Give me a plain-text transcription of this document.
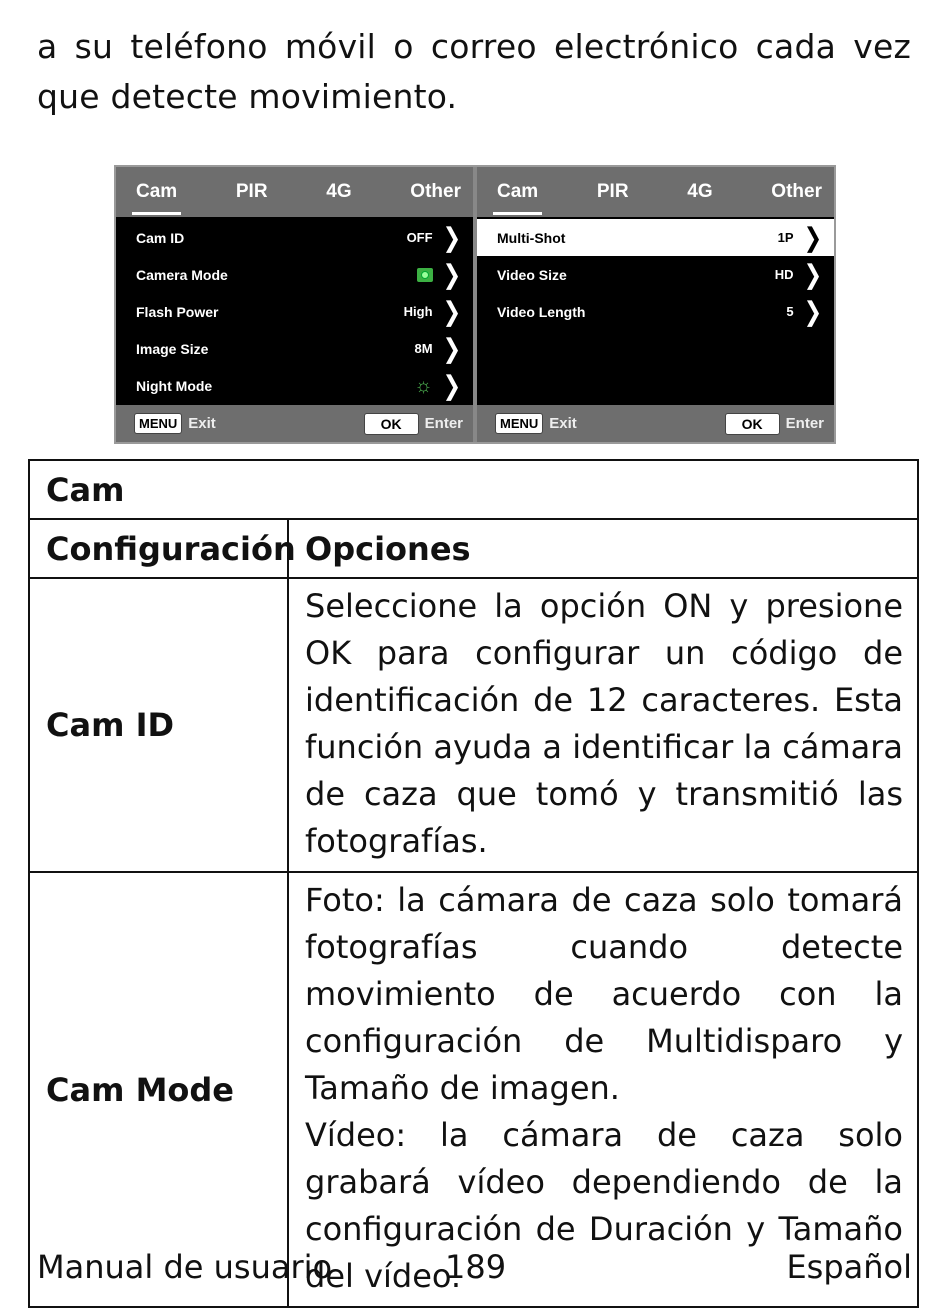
a su teléfono móvil o correo electrónico cada vez que detecte movimiento.
Cam	PIR	4G	Other
Cam ID	OFF ❯
Camera Mode	❯
Flash Power	High ❯
Image Size	8M ❯
Night Mode	☼ ❯
MENU Exit	OK	Enter
Cam	PIR	4G	Other
Multi-Shot	1P ❯
Video Size	HD ❯
Video Length	5 ❯
MENU Exit	OK	Enter
Cam	
Configuración	Opciones
Cam ID	Seleccione la opción ON y presione OK para configurar un código de identificación de 12 caracteres. Esta función ayuda a identificar la cámara de caza que tomó y transmitió las fotografías.

Cam Mode	Foto: la cámara de caza solo tomará fotografías cuando detecte movimiento de acuerdo con la configuración de Multidisparo y Tamaño de imagen.
Vídeo: la cámara de caza solo grabará vídeo dependiendo de la configuración de Duración y Tamaño del vídeo.
Manual de usuario	189	Español
